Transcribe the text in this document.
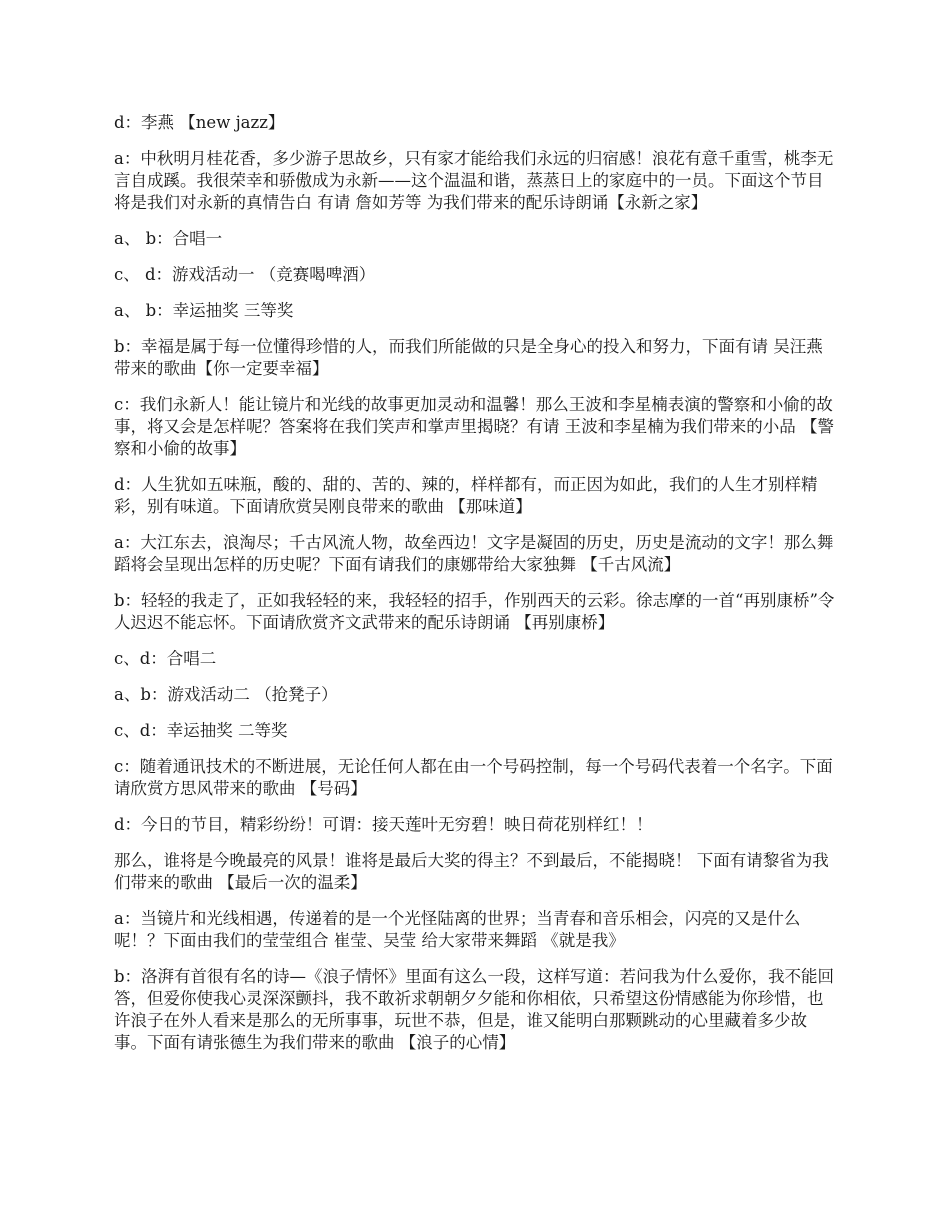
d：李燕 【new jazz】

a：中秋明月桂花香，多少游子思故乡，只有家才能给我们永远的归宿感！浪花有意千重雪，桃李无言自成蹊。我很荣幸和骄傲成为永新——这个温温和谐，蒸蒸日上的家庭中的一员。下面这个节目将是我们对永新的真情告白 有请 詹如芳等 为我们带来的配乐诗朗诵【永新之家】

a、 b：合唱一

c、 d：游戏活动一 （竞赛喝啤酒）

a、 b：幸运抽奖 三等奖

b：幸福是属于每一位懂得珍惜的人，而我们所能做的只是全身心的投入和努力，下面有请 吴汪燕带来的歌曲【你一定要幸福】

c：我们永新人！能让镜片和光线的故事更加灵动和温馨！那么王波和李星楠表演的警察和小偷的故事，将又会是怎样呢？答案将在我们笑声和掌声里揭晓？有请 王波和李星楠为我们带来的小品 【警察和小偷的故事】

d：人生犹如五味瓶，酸的、甜的、苦的、辣的，样样都有，而正因为如此，我们的人生才别样精彩，别有味道。下面请欣赏吴刚良带来的歌曲 【那味道】

a：大江东去，浪淘尽；千古风流人物，故垒西边！文字是凝固的历史，历史是流动的文字！那么舞蹈将会呈现出怎样的历史呢？下面有请我们的康娜带给大家独舞 【千古风流】

b：轻轻的我走了，正如我轻轻的来，我轻轻的招手，作别西天的云彩。徐志摩的一首“再别康桥”令人迟迟不能忘怀。下面请欣赏齐文武带来的配乐诗朗诵 【再别康桥】

c、d：合唱二

a、b：游戏活动二 （抢凳子）

c、d：幸运抽奖 二等奖

c：随着通讯技术的不断进展，无论任何人都在由一个号码控制，每一个号码代表着一个名字。下面请欣赏方思风带来的歌曲 【号码】

d：今日的节目，精彩纷纷！可谓：接天莲叶无穷碧！映日荷花别样红！！

那么，谁将是今晚最亮的风景！谁将是最后大奖的得主？不到最后，不能揭晓！ 下面有请黎省为我们带来的歌曲 【最后一次的温柔】

a：当镜片和光线相遇，传递着的是一个光怪陆离的世界；当青春和音乐相会，闪亮的又是什么呢！？下面由我们的莹莹组合 崔莹、吴莹 给大家带来舞蹈 《就是我》

b：洛湃有首很有名的诗—《浪子情怀》里面有这么一段，这样写道：若问我为什么爱你，我不能回答，但爱你使我心灵深深颤抖，我不敢祈求朝朝夕夕能和你相依，只希望这份情感能为你珍惜，也许浪子在外人看来是那么的无所事事，玩世不恭，但是，谁又能明白那颗跳动的心里藏着多少故事。下面有请张德生为我们带来的歌曲 【浪子的心情】
